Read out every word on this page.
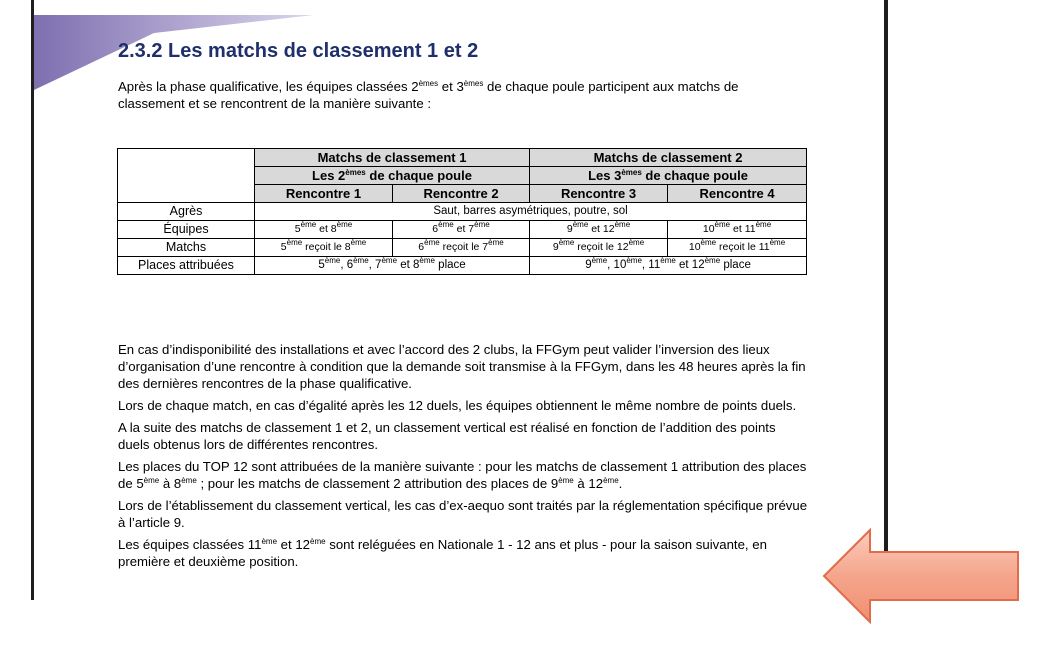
2.3.2 Les matchs de classement 1 et 2

Après la phase qualificative, les équipes classées 2èmes et 3èmes de chaque poule participent aux matchs de classement et se rencontrent de la manière suivante :

	Matchs de classement 1		Matchs de classement 2	
	Les 2èmes de chaque poule		Les 3èmes de chaque poule	
	Rencontre 1	Rencontre 2	Rencontre 3	Rencontre 4
Agrès	Saut, barres asymétriques, poutre, sol			
Équipes	5ème et 8ème	6ème et 7ème	9ème et 12ème	10ème et 11ème
Matchs	5ème reçoit le 8ème	6ème reçoit le 7ème	9ème reçoit le 12ème	10ème reçoit le 11ème
Places attribuées	5ème, 6ème, 7ème et 8ème place		9ème, 10ème, 11ème et 12ème place	

En cas d’indisponibilité des installations et avec l’accord des 2 clubs, la FFGym peut valider l’inversion des lieux d’organisation d’une rencontre à condition que la demande soit transmise à la FFGym, dans les 48 heures après la fin des dernières rencontres de la phase qualificative.

Lors de chaque match, en cas d’égalité après les 12 duels, les équipes obtiennent le même nombre de points duels.

A la suite des matchs de classement 1 et 2, un classement vertical est réalisé en fonction de l’addition des points duels obtenus lors de différentes rencontres.

Les places du TOP 12 sont attribuées de la manière suivante : pour les matchs de classement 1 attribution des places de 5ème à 8ème ; pour les matchs de classement 2 attribution des places de 9ème à 12ème.

Lors de l’établissement du classement vertical, les cas d’ex-aequo sont traités par la réglementation spécifique prévue à l’article 9.

Les équipes classées 11ème et 12ème sont reléguées en Nationale 1 - 12 ans et plus - pour la saison suivante, en première et deuxième position.
